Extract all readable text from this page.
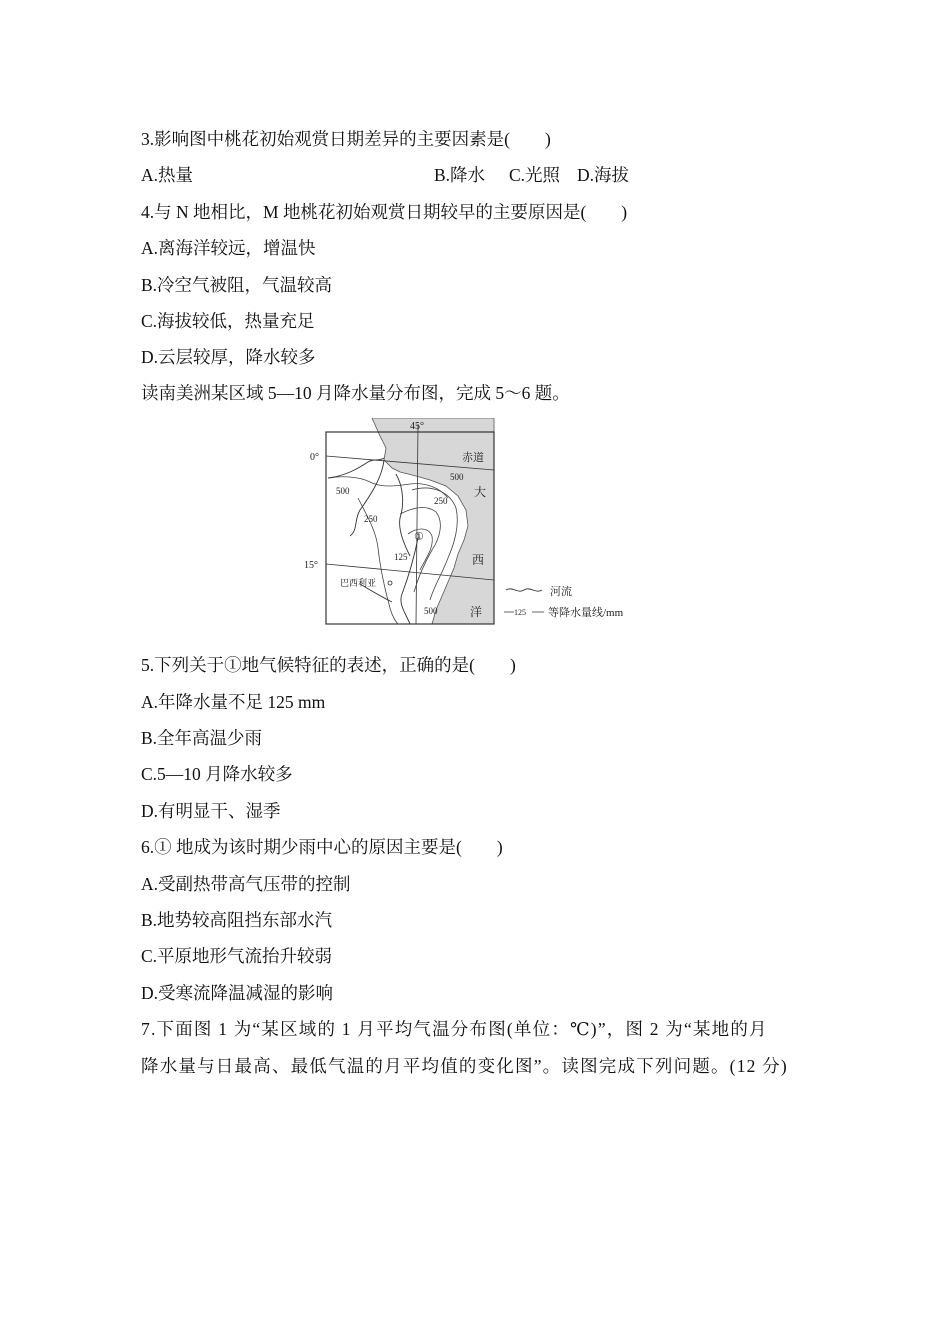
3.影响图中桃花初始观赏日期差异的主要因素是(　　)
A.热量	B.降水 C.光照 D.海拔
4.与 N 地相比，M 地桃花初始观赏日期较早的主要原因是(　　)
A.离海洋较远，增温快
B.冷空气被阻，气温较高
C.海拔较低，热量充足
D.云层较厚，降水较多
读南美洲某区域 5—10 月降水量分布图，完成 5～6 题。
45°
0°
15°
赤道
大
西
洋
500
500
250
250
125
500
①
巴西利亚
河流
125 等降水量线/mm
5.下列关于①地气候特征的表述，正确的是(　　)
A.年降水量不足 125 mm
B.全年高温少雨
C.5—10 月降水较多
D.有明显干、湿季
6.① 地成为该时期少雨中心的原因主要是(　　)
A.受副热带高气压带的控制
B.地势较高阻挡东部水汽
C.平原地形气流抬升较弱
D.受寒流降温减湿的影响
7.下面图 1 为“某区域的 1 月平均气温分布图(单位：℃)”，图 2 为“某地的月
降水量与日最高、最低气温的月平均值的变化图”。读图完成下列问题。(12 分)
